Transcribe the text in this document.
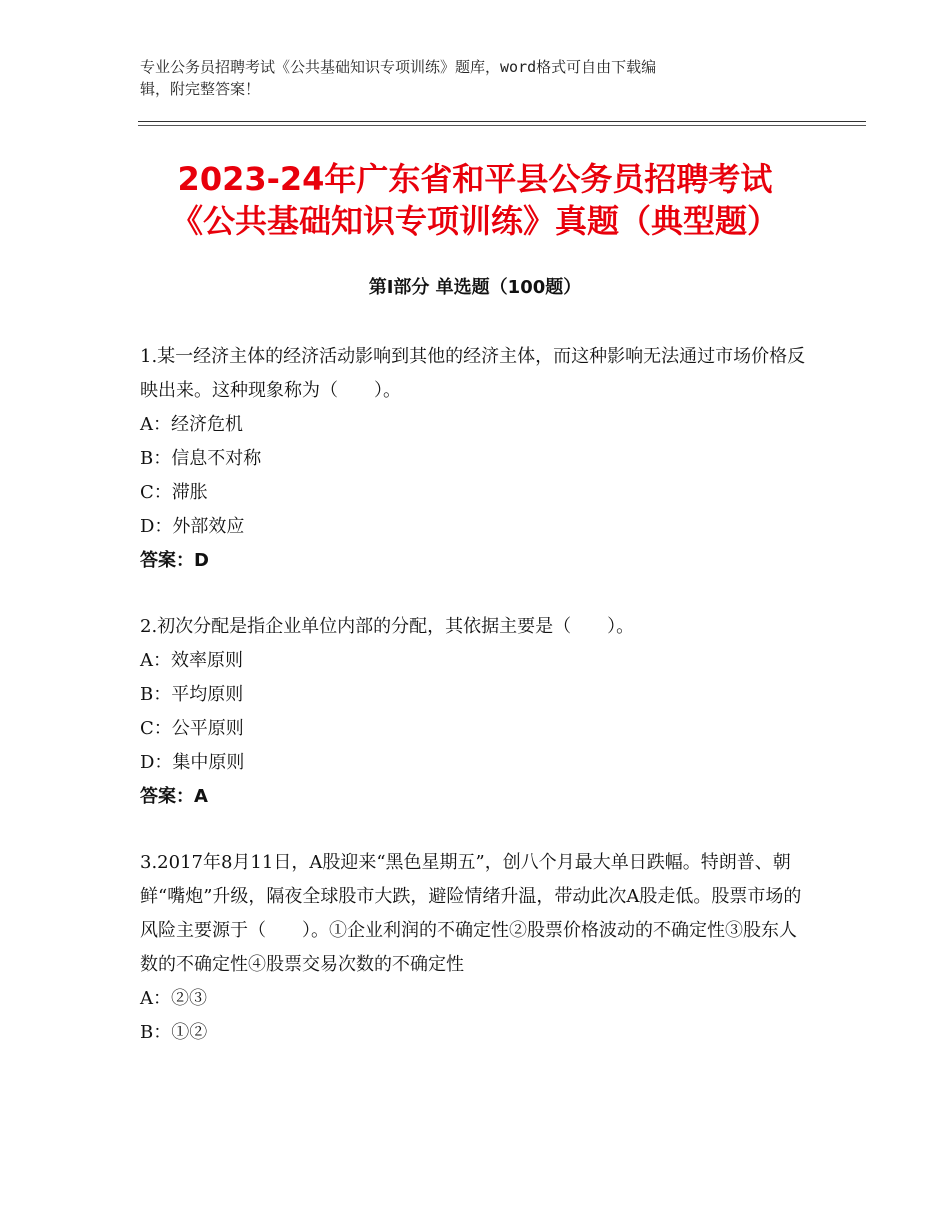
专业公务员招聘考试《公共基础知识专项训练》题库，word格式可自由下载编
辑，附完整答案！
2023-24年广东省和平县公务员招聘考试
《公共基础知识专项训练》真题（典型题）
第Ⅰ部分 单选题（100题）

1.某一经济主体的经济活动影响到其他的经济主体，而这种影响无法通过市场价格反映出来。这种现象称为（　　）。

A：经济危机

B：信息不对称

C：滞胀

D：外部效应

答案：D

2.初次分配是指企业单位内部的分配，其依据主要是（　　）。

A：效率原则

B：平均原则

C：公平原则

D：集中原则

答案：A

3.2017年8月11日，A股迎来“黑色星期五”，创八个月最大单日跌幅。特朗普、朝鲜“嘴炮”升级，隔夜全球股市大跌，避险情绪升温，带动此次A股走低。股票市场的风险主要源于（　　）。①企业利润的不确定性②股票价格波动的不确定性③股东人数的不确定性④股票交易次数的不确定性

A：②③

B：①②
